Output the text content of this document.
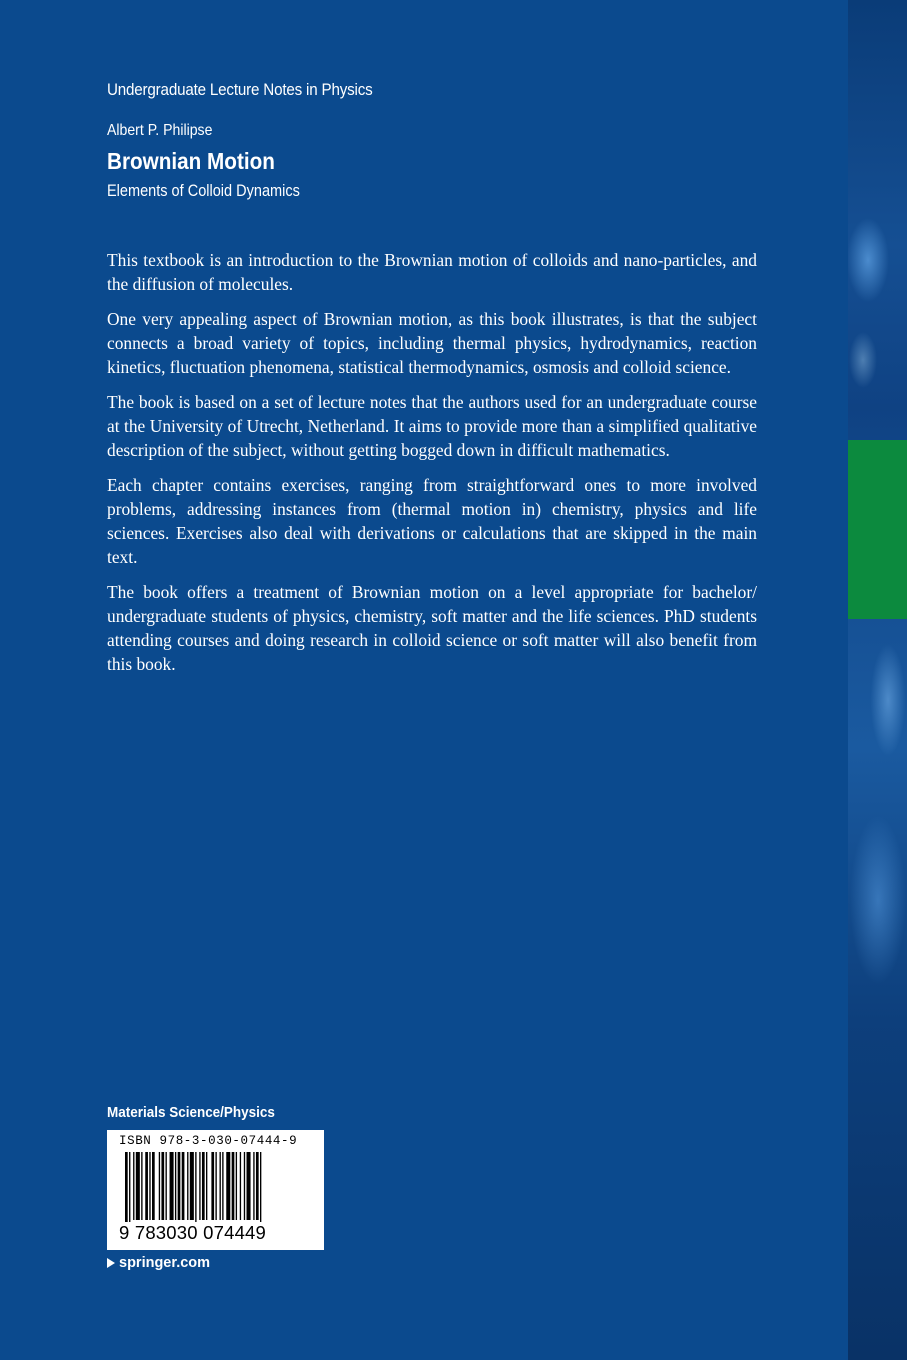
Undergraduate Lecture Notes in Physics
Albert P. Philipse
Brownian Motion
Elements of Colloid Dynamics

This textbook is an introduction to the Brownian motion of colloids and nano-particles, and the diffusion of molecules.

One very appealing aspect of Brownian motion, as this book illustrates, is that the subject connects a broad variety of topics, including thermal physics, hydrodynamics, reaction kinetics, fluctuation phenomena, statistical thermodynamics, osmosis and colloid science.

The book is based on a set of lecture notes that the authors used for an undergraduate course at the University of Utrecht, Netherland. It aims to provide more than a simplified qualitative description of the subject, without getting bogged down in difficult mathematics.

Each chapter contains exercises, ranging from straightforward ones to more involved problems, addressing instances from (thermal motion in) chemistry, physics and life sciences. Exercises also deal with derivations or calculations that are skipped in the main text.

The book offers a treatment of Brownian motion on a level appropriate for bachelor/ undergraduate students of physics, chemistry, soft matter and the life sciences. PhD students attending courses and doing research in colloid science or soft matter will also benefit from this book.

Materials Science/Physics
ISBN 978-3-030-07444-9
9 783030 074449
springer.com
